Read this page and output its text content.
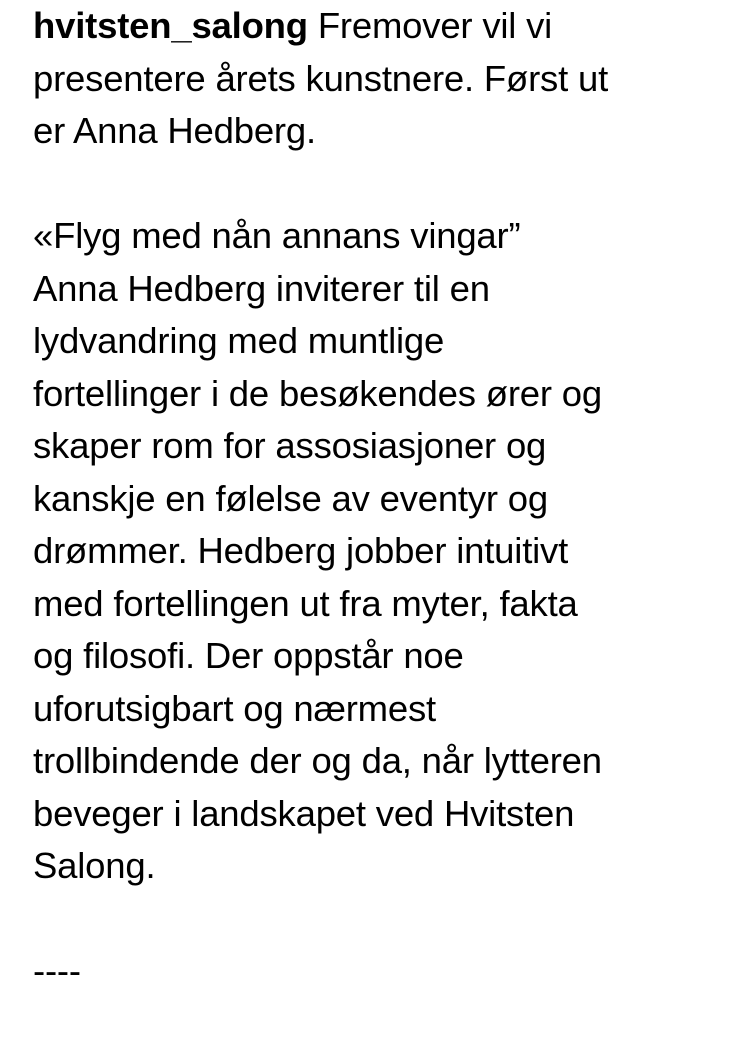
hvitsten_salong Fremover vil vi
presentere årets kunstnere. Først ut
er Anna Hedberg.
«Flyg med nån annans vingar”
Anna Hedberg inviterer til en
lydvandring med muntlige
fortellinger i de besøkendes ører og
skaper rom for assosiasjoner og
kanskje en følelse av eventyr og
drømmer. Hedberg jobber intuitivt
med fortellingen ut fra myter, fakta
og filosofi. Der oppstår noe
uforutsigbart og nærmest
trollbindende der og da, når lytteren
beveger i landskapet ved Hvitsten
Salong.
----
